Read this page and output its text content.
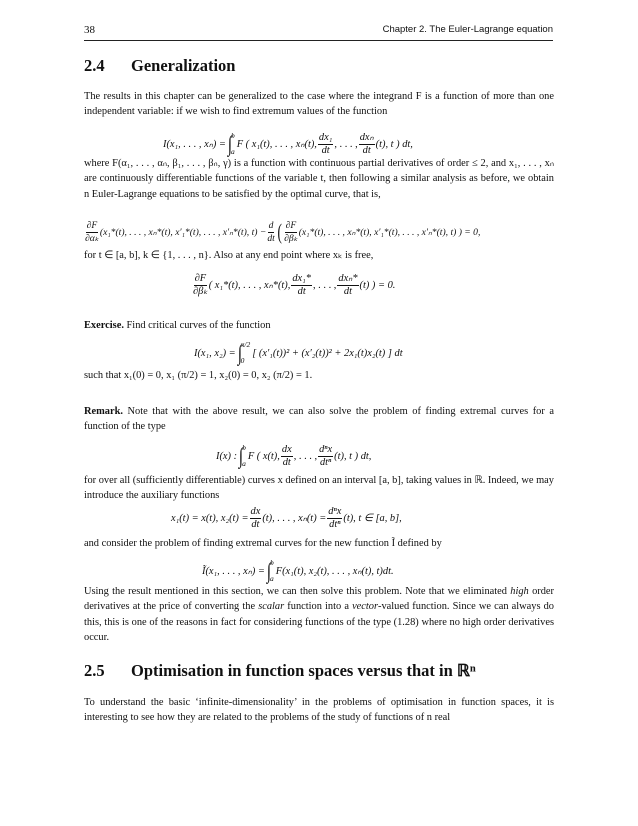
38	Chapter 2. The Euler-Lagrange equation
2.4 Generalization
The results in this chapter can be generalized to the case where the integrand F is a function of more than one independent variable: if we wish to find extremum values of the function
I(x₁, . . . , xₙ) = ∫
b
a
F ( x₁(t), . . . , xₙ(t), $\frac{\text{dx₁}}{dt}$ , . . . , $\frac{\text{dxₙ}}{dt} (t)$, t ) dt,
where F(α₁, . . . , αₙ, β₁, . . . , βₙ, γ) is a function with continuous partial derivatives of order ≤ 2, and x₁, . . . , xₙ are continuously differentiable functions of the variable t, then following a similar analysis as before, we obtain n Euler-Lagrange equations to be satisfied by the optimal curve, that is,
$\frac{\partial F}{\text{∂αₖ}} (x_1*(t)$, . . . , xₙ*(t), x′₁*(t), . . . , x′ₙ*(t), $t) - \frac{d}{dt}$ ( $\frac{\partial F}{\text{∂βₖ}} (x_1*(t)$, . . . , xₙ*(t), x′₁*(t), . . . , x′ₙ*(t), t) ) = 0,
for t ∈ [a, b], k ∈ {1, . . . , n}. Also at any end point where xₖ is free,
$\frac{\partial F}{\text{∂βₖ}}$ ( x₁*(t), . . . , xₙ*(t), $\frac{\text{dx₁*}}{dt}$ , . . . , $\frac{\text{dxₙ*}}{dt} (t)$ ) = 0.
Exercise. Find critical curves of the function
I(x₁, x₂) = ∫
π/2
0
[ (x′₁(t))² + (x′₂(t))² + 2x₁(t)x₂(t) ] dt
such that x₁(0) = 0, x₁ (π/2) = 1, x₂(0) = 0, x₂ (π/2) = 1.
Remark. Note that with the above result, we can also solve the problem of finding extremal curves for a function of the type
I(x) : ∫
b
a
F ( x(t), $\frac{dx}{dt}$ , . . . , $\frac{\text{dⁿx}}{\text{dtⁿ}} (t)$, t ) dt,
for over all (sufficiently differentiable) curves x defined on an interval [a, b], taking values in ℝ. Indeed, we may introduce the auxiliary functions
x₁(t) = x(t), $x_2(t) = \frac{dx}{dt} (t)$, . . . , $x_n(t) = \frac{\text{dⁿx}}{\text{dtⁿ}} (t)$, t ∈ [a, b],
and consider the problem of finding extremal curves for the new function Ĩ defined by
Ĩ(x₁, . . . , xₙ) = ∫
b
a
F(x₁(t), x₂(t), . . . , xₙ(t), t)dt.
Using the result mentioned in this section, we can then solve this problem. Note that we eliminated high order derivatives at the price of converting the scalar function into a vector-valued function. Since we can always do this, this is one of the reasons in fact for considering functions of the type (1.28) where no high order derivatives occur.
2.5 Optimisation in function spaces versus that in ℝⁿ
To understand the basic ‘infinite-dimensionality’ in the problems of optimisation in function spaces, it is interesting to see how they are related to the problems of the study of functions of n real
